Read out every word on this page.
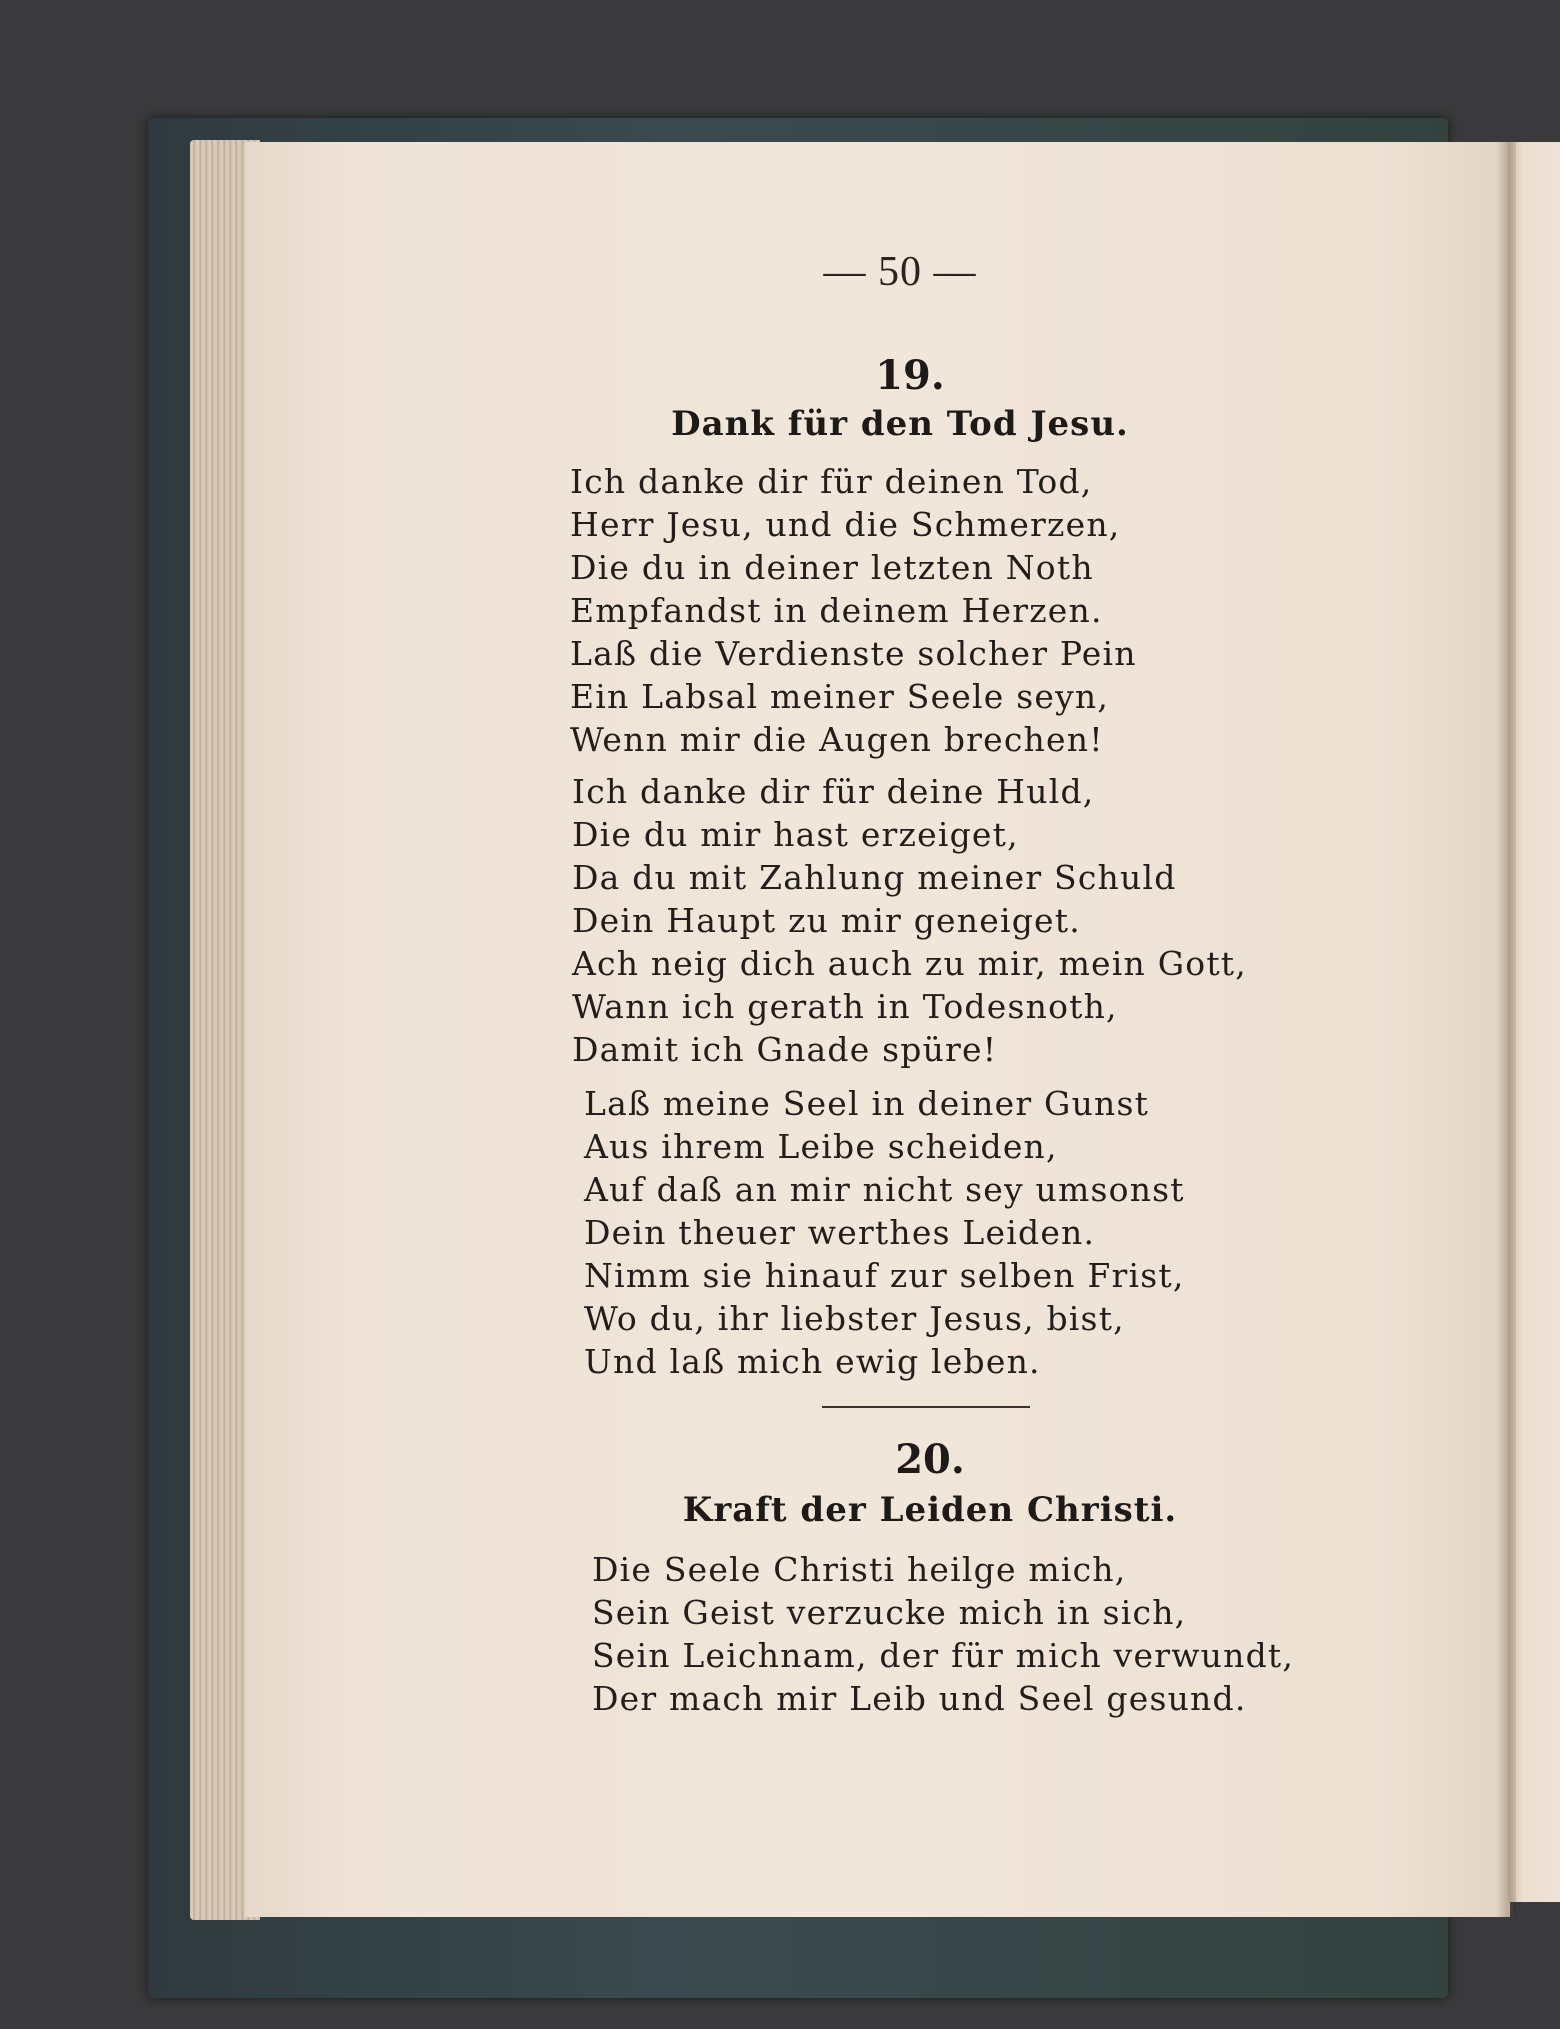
— 50 —
19.
Dank für den Tod Jesu.
Ich danke dir für deinen Tod,
Herr Jesu, und die Schmerzen,
Die du in deiner letzten Noth
Empfandst in deinem Herzen.
Laß die Verdienste solcher Pein
Ein Labsal meiner Seele seyn,
Wenn mir die Augen brechen!
Ich danke dir für deine Huld,
Die du mir hast erzeiget,
Da du mit Zahlung meiner Schuld
Dein Haupt zu mir geneiget.
Ach neig dich auch zu mir, mein Gott,
Wann ich gerath in Todesnoth,
Damit ich Gnade spüre!
Laß meine Seel in deiner Gunst
Aus ihrem Leibe scheiden,
Auf daß an mir nicht sey umsonst
Dein theuer werthes Leiden.
Nimm sie hinauf zur selben Frist,
Wo du, ihr liebster Jesus, bist,
Und laß mich ewig leben.
20.
Kraft der Leiden Christi.
Die Seele Christi heilge mich,
Sein Geist verzucke mich in sich,
Sein Leichnam, der für mich verwundt,
Der mach mir Leib und Seel gesund.
